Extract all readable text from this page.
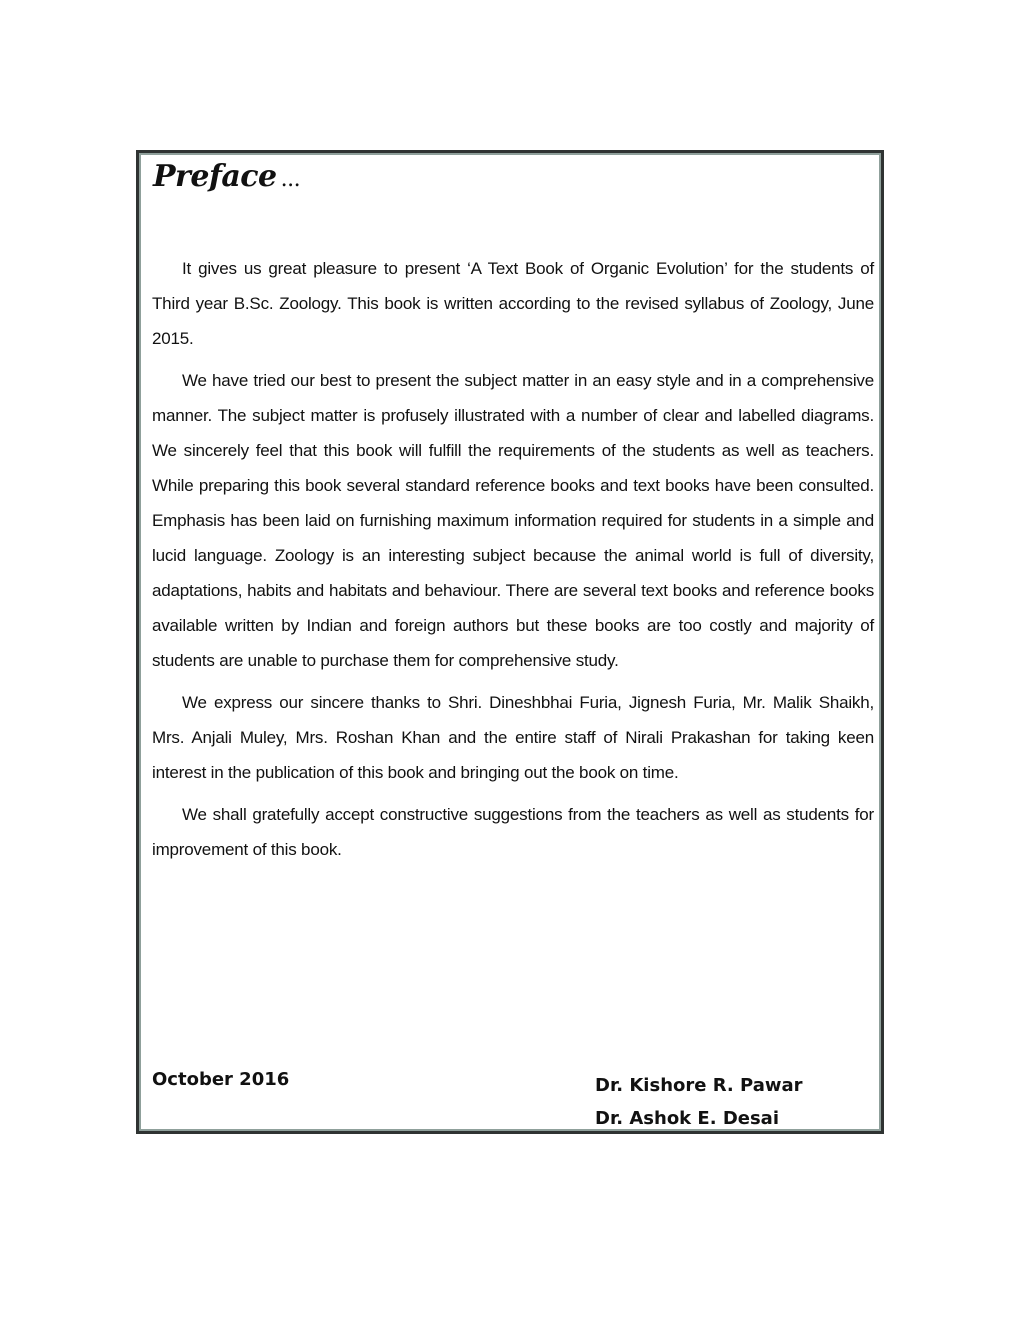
Preface ...

It gives us great pleasure to present ‘A Text Book of Organic Evolution’ for the students of Third year B.Sc. Zoology. This book is written according to the revised syllabus of Zoology, June 2015.

We have tried our best to present the subject matter in an easy style and in a comprehensive manner. The subject matter is profusely illustrated with a number of clear and labelled diagrams. We sincerely feel that this book will fulfill the requirements of the students as well as teachers. While preparing this book several standard reference books and text books have been consulted. Emphasis has been laid on furnishing maximum information required for students in a simple and lucid language. Zoology is an interesting subject because the animal world is full of diversity, adaptations, habits and habitats and behaviour. There are several text books and reference books available written by Indian and foreign authors but these books are too costly and majority of students are unable to purchase them for comprehensive study.

We express our sincere thanks to Shri. Dineshbhai Furia, Jignesh Furia, Mr. Malik Shaikh, Mrs. Anjali Muley, Mrs. Roshan Khan and the entire staff of Nirali Prakashan for taking keen interest in the publication of this book and bringing out the book on time.

We shall gratefully accept constructive suggestions from the teachers as well as students for improvement of this book.

October 2016	Dr. Kishore R. Pawar
Dr. Ashok E. Desai
